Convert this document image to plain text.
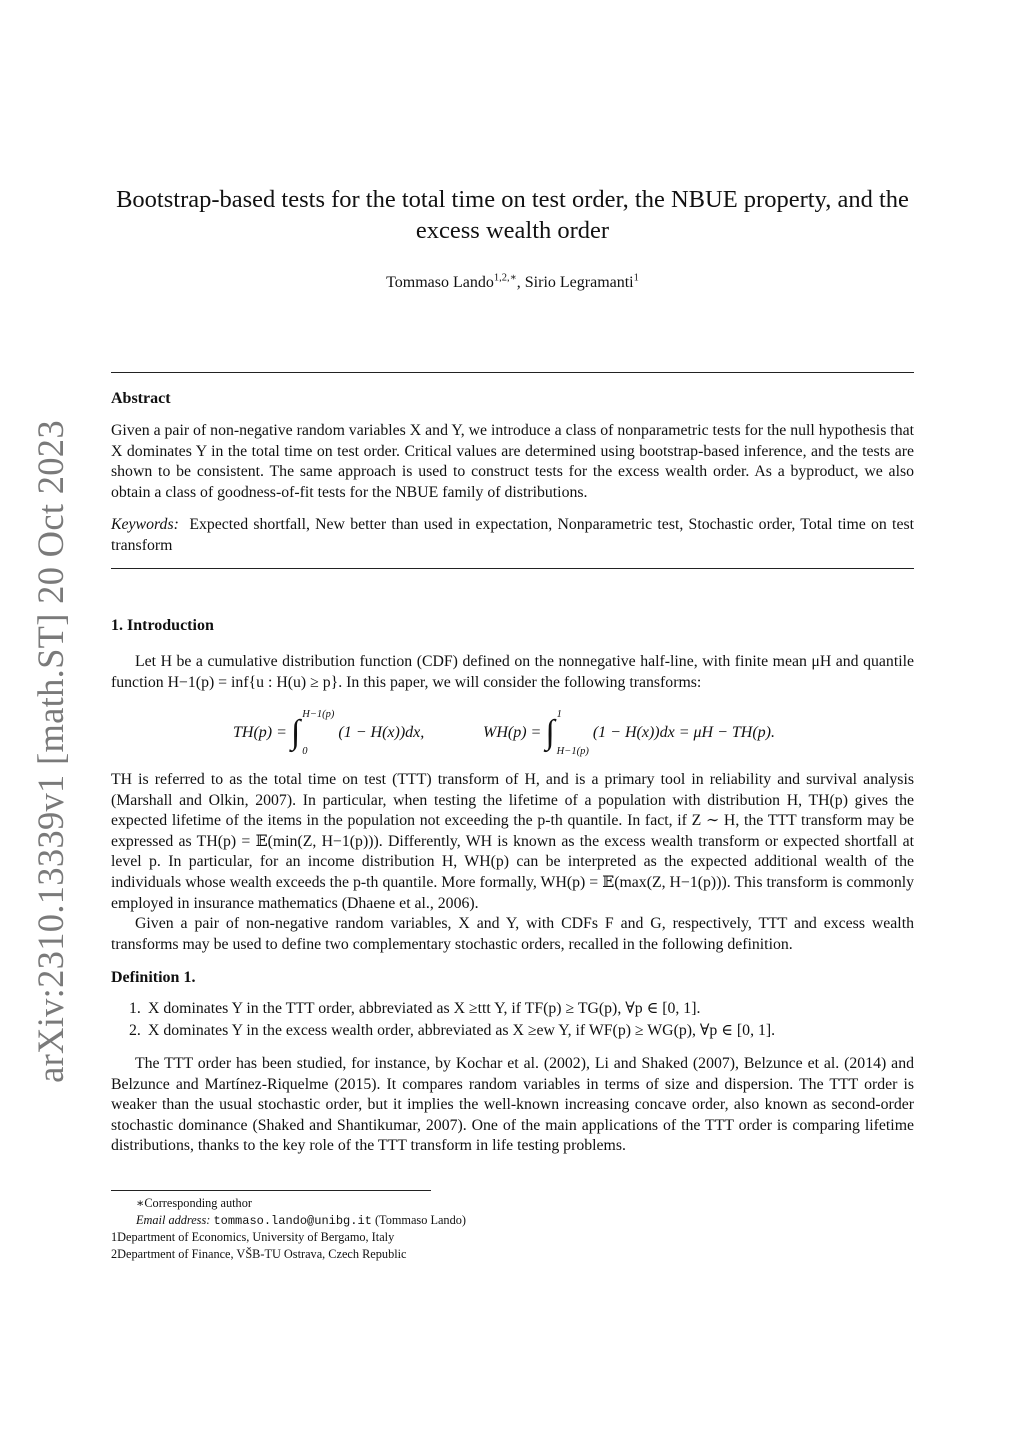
arXiv:2310.13339v1 [math.ST] 20 Oct 2023
Bootstrap-based tests for the total time on test order, the NBUE property, and the excess wealth order
Tommaso Lando$^{1,2,∗}$, Sirio Legramanti$^1$
Abstract
Given a pair of non-negative random variables X and Y, we introduce a class of nonparametric tests for the null hypothesis that X dominates Y in the total time on test order. Critical values are determined using bootstrap-based inference, and the tests are shown to be consistent. The same approach is used to construct tests for the excess wealth order. As a byproduct, we also obtain a class of goodness-of-fit tests for the NBUE family of distributions.
Keywords: Expected shortfall, New better than used in expectation, Nonparametric test, Stochastic order, Total time on test transform
1. Introduction
Let H be a cumulative distribution function (CDF) defined on the nonnegative half-line, with finite mean μH and quantile function H−1(p) = inf{u : H(u) ≥ p}. In this paper, we will consider the following transforms:
TH(p) = ∫ H−1(p)
0
(1 − H(x))dx,	WH(p) = ∫ 1
H−1(p)
(1 − H(x))dx = μH − TH(p).
TH is referred to as the total time on test (TTT) transform of H, and is a primary tool in reliability and survival analysis (Marshall and Olkin, 2007). In particular, when testing the lifetime of a population with distribution H, TH(p) gives the expected lifetime of the items in the population not exceeding the p-th quantile. In fact, if Z ∼ H, the TTT transform may be expressed as TH(p) = 𝔼(min(Z, H−1(p))). Differently, WH is known as the excess wealth transform or expected shortfall at level p. In particular, for an income distribution H, WH(p) can be interpreted as the expected additional wealth of the individuals whose wealth exceeds the p-th quantile. More formally, WH(p) = 𝔼(max(Z, H−1(p))). This transform is commonly employed in insurance mathematics (Dhaene et al., 2006).
Given a pair of non-negative random variables, X and Y, with CDFs F and G, respectively, TTT and excess wealth transforms may be used to define two complementary stochastic orders, recalled in the following definition.
Definition 1.
1. X dominates Y in the TTT order, abbreviated as X ≥ttt Y, if TF(p) ≥ TG(p), ∀p ∈ [0, 1].
2. X dominates Y in the excess wealth order, abbreviated as X ≥ew Y, if WF(p) ≥ WG(p), ∀p ∈ [0, 1].
The TTT order has been studied, for instance, by Kochar et al. (2002), Li and Shaked (2007), Belzunce et al. (2014) and Belzunce and Martínez-Riquelme (2015). It compares random variables in terms of size and dispersion. The TTT order is weaker than the usual stochastic order, but it implies the well-known increasing concave order, also known as second-order stochastic dominance (Shaked and Shantikumar, 2007). One of the main applications of the TTT order is comparing lifetime distributions, thanks to the key role of the TTT transform in life testing problems.
∗Corresponding author
Email address: tommaso.lando@unibg.it (Tommaso Lando)
1Department of Economics, University of Bergamo, Italy
2Department of Finance, VŠB-TU Ostrava, Czech Republic
